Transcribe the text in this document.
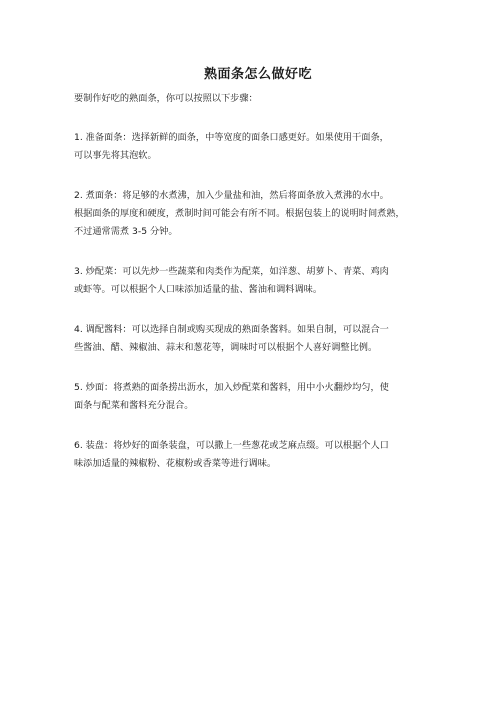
熟面条怎么做好吃

要制作好吃的熟面条，你可以按照以下步骤：

1. 准备面条：选择新鲜的面条，中等宽度的面条口感更好。如果使用干面条，
可以事先将其泡软。
2. 煮面条：将足够的水煮沸，加入少量盐和油，然后将面条放入煮沸的水中。
根据面条的厚度和硬度，煮制时间可能会有所不同。根据包装上的说明时间煮熟，
不过通常需煮 3-5 分钟。
3. 炒配菜：可以先炒一些蔬菜和肉类作为配菜，如洋葱、胡萝卜、青菜、鸡肉
或虾等。可以根据个人口味添加适量的盐、酱油和调料调味。
4. 调配酱料：可以选择自制或购买现成的熟面条酱料。如果自制，可以混合一
些酱油、醋、辣椒油、蒜末和葱花等，调味时可以根据个人喜好调整比例。
5. 炒面：将煮熟的面条捞出沥水，加入炒配菜和酱料，用中小火翻炒均匀，使
面条与配菜和酱料充分混合。
6. 装盘：将炒好的面条装盘，可以撒上一些葱花或芝麻点缀。可以根据个人口
味添加适量的辣椒粉、花椒粉或香菜等进行调味。
